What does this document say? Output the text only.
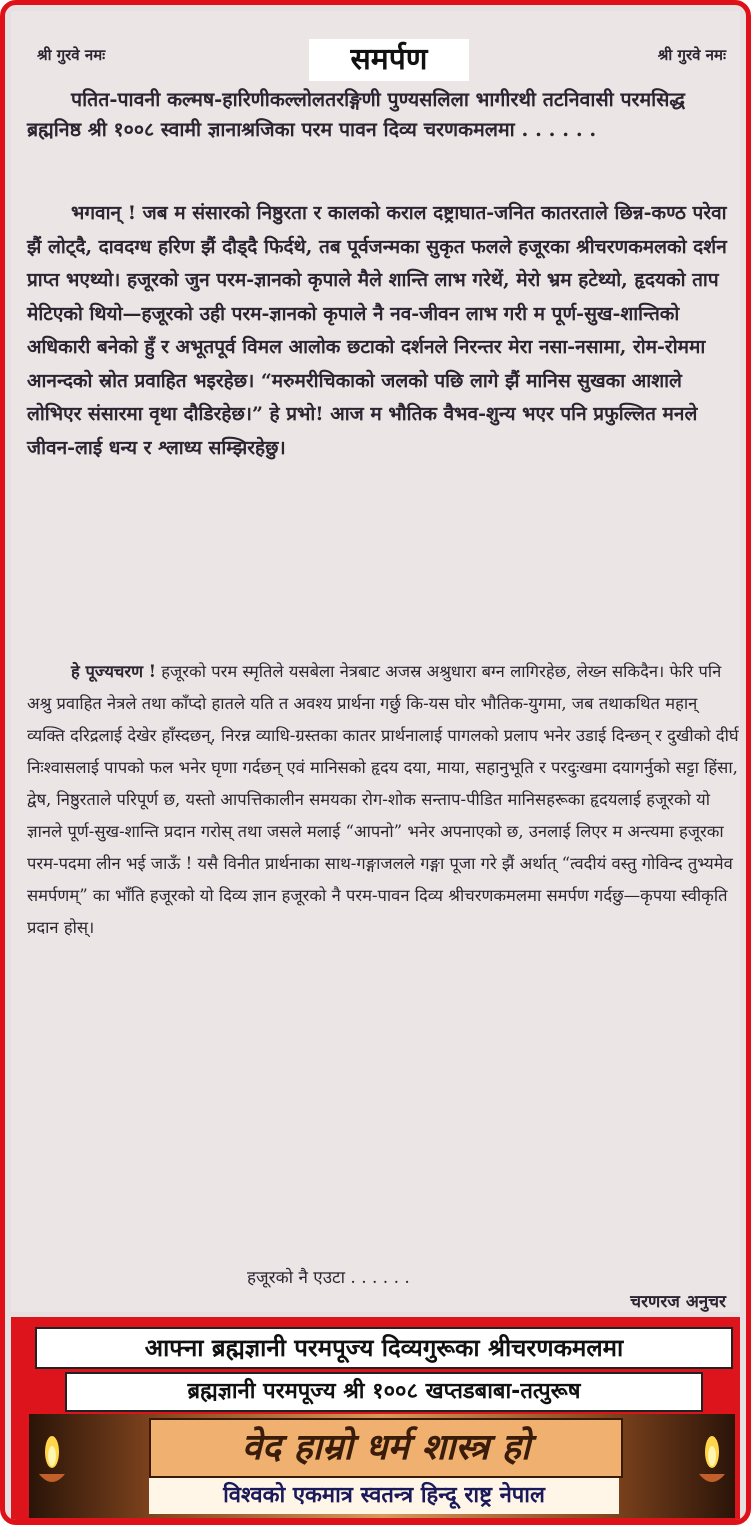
श्री गुरवे नमः	श्री गुरवे नमः
समर्पण
पतित-पावनी कल्मष-हारिणीकल्लोलतरङ्गिणी पुण्यसलिला भागीरथी तटनिवासी परमसिद्ध ब्रह्मनिष्ठ श्री १००८ स्वामी ज्ञानाश्रजिका परम पावन दिव्य चरणकमलमा . . . . . .
भगवान् ! जब म संसारको निष्ठुरता र कालको कराल दष्ट्राघात-जनित कातरताले छिन्न-कण्ठ परेवा झैं लोट्दै, दावदग्ध हरिण झैं दौड्दै फिर्दथे, तब पूर्वजन्मका सुकृत फलले हजूरका श्रीचरणकमलको दर्शन प्राप्त भएथ्यो। हजूरको जुन परम-ज्ञानको कृपाले मैले शान्ति लाभ गरेथें, मेरो भ्रम हटेथ्यो, हृदयको ताप मेटिएको थियो—हजूरको उही परम-ज्ञानको कृपाले नै नव-जीवन लाभ गरी म पूर्ण-सुख-शान्तिको अधिकारी बनेको हुँ र अभूतपूर्व विमल आलोक छटाको दर्शनले निरन्तर मेरा नसा-नसामा, रोम-रोममा आनन्दको स्रोत प्रवाहित भइरहेछ। “मरुमरीचिकाको जलको पछि लागे झैं मानिस सुखका आशाले लोभिएर संसारमा वृथा दौडिरहेछ।” हे प्रभो! आज म भौतिक वैभव-शुन्य भएर पनि प्रफुल्लित मनले जीवन-लाई धन्य र श्लाध्य सम्झिरहेछु।
हे पूज्यचरण ! हजूरको परम स्मृतिले यसबेला नेत्रबाट अजस्र अश्रुधारा बग्न लागिरहेछ, लेख्न सकिदैन। फेरि पनि अश्रु प्रवाहित नेत्रले तथा काँप्दो हातले यति त अवश्य प्रार्थना गर्छु कि-यस घोर भौतिक-युगमा, जब तथाकथित महान् व्यक्ति दरिद्रलाई देखेर हाँस्दछन्, निरन्न व्याधि-ग्रस्तका कातर प्रार्थनालाई पागलको प्रलाप भनेर उडाई दिन्छन् र दुखीको दीर्घ निःश्वासलाई पापको फल भनेर घृणा गर्दछन् एवं मानिसको हृदय दया, माया, सहानुभूति र परदुःखमा दयागर्नुको सट्टा हिंसा, द्वेष, निष्ठुरताले परिपूर्ण छ, यस्तो आपत्तिकालीन समयका रोग-शोक सन्ताप-पीडित मानिसहरूका हृदयलाई हजूरको यो ज्ञानले पूर्ण-सुख-शान्ति प्रदान गरोस् तथा जसले मलाई “आपनो” भनेर अपनाएको छ, उनलाई लिएर म अन्त्यमा हजूरका परम-पदमा लीन भई जाऊँ ! यसै विनीत प्रार्थनाका साथ-गङ्गाजलले गङ्गा पूजा गरे झैं अर्थात् “त्वदीयं वस्तु गोविन्द तुभ्यमेव समर्पणम्” का भाँति हजूरको यो दिव्य ज्ञान हजूरको नै परम-पावन दिव्य श्रीचरणकमलमा समर्पण गर्दछु—कृपया स्वीकृति प्रदान होस्।
हजूरको नै एउटा . . . . . .
चरणरज अनुचर
आफ्ना ब्रह्मज्ञानी परमपूज्य दिव्यगुरूका श्रीचरणकमलमा
ब्रह्मज्ञानी परमपूज्य श्री १००८ खप्तडबाबा-तत्पुरूष
वेद हाम्रो धर्म शास्त्र हो
विश्वको एकमात्र स्वतन्त्र हिन्दू राष्ट्र नेपाल
